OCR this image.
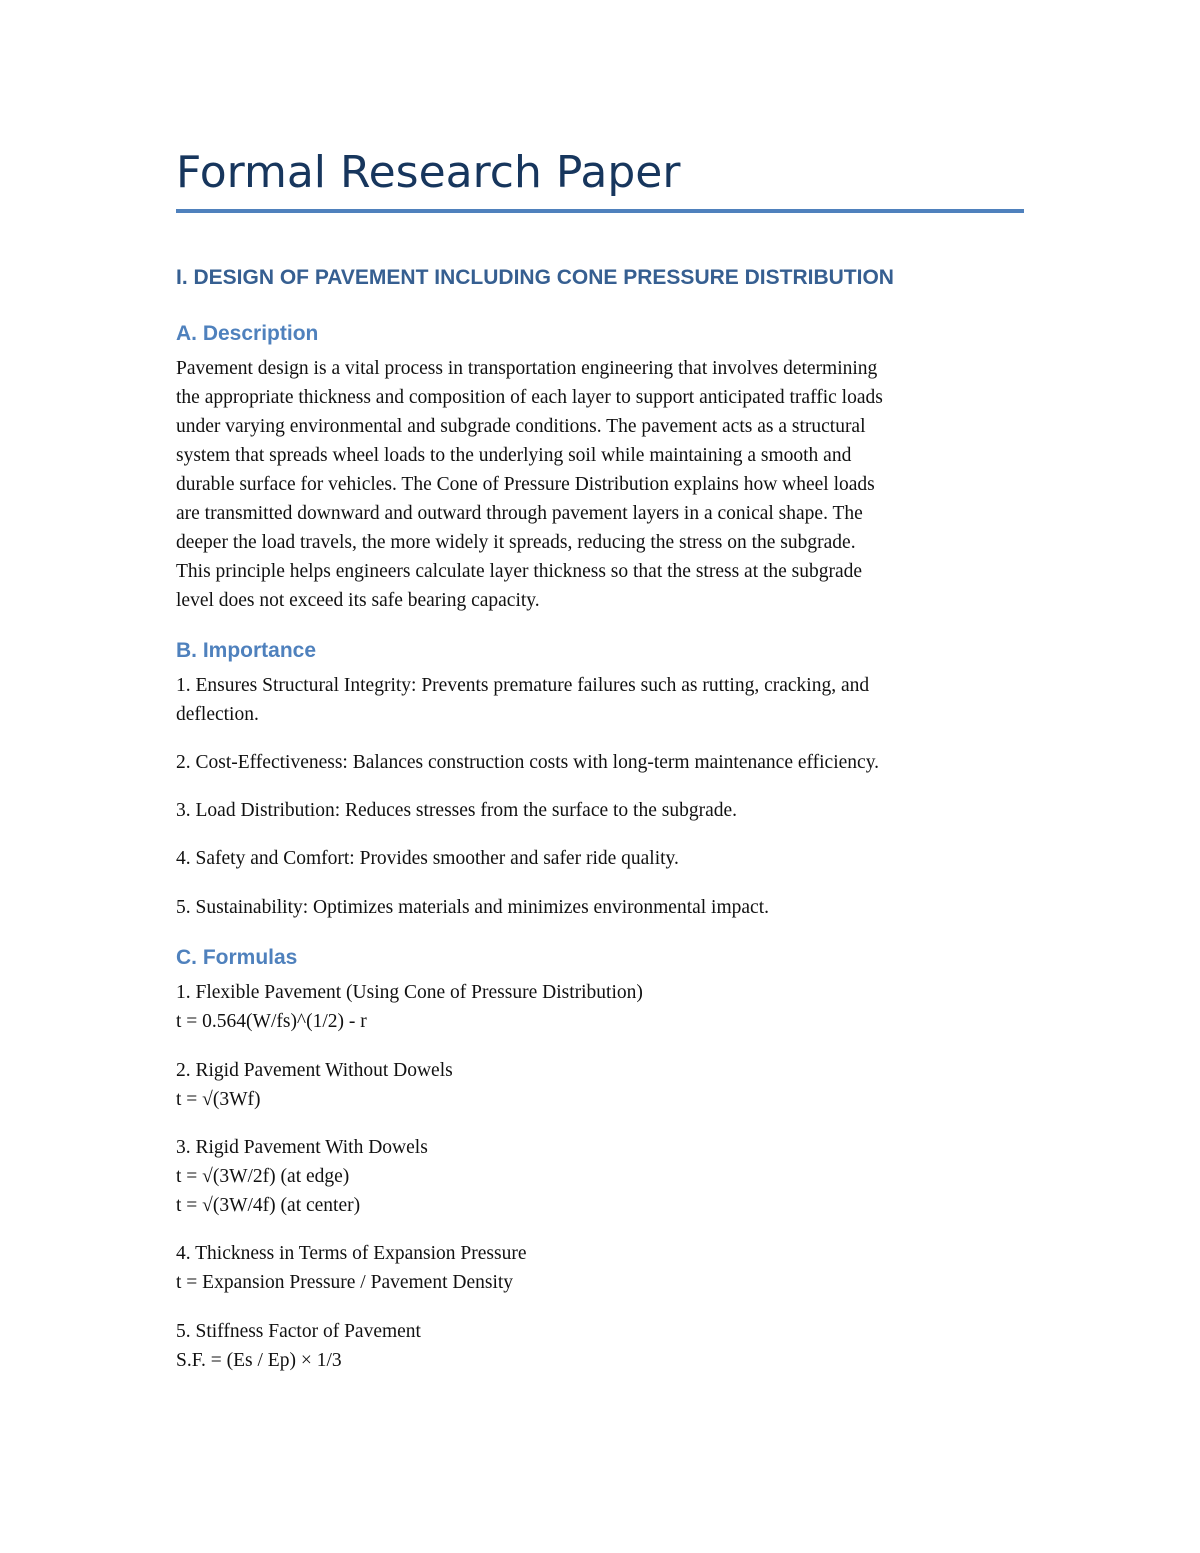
Formal Research Paper
I. DESIGN OF PAVEMENT INCLUDING CONE PRESSURE DISTRIBUTION
A. Description
Pavement design is a vital process in transportation engineering that involves determining
the appropriate thickness and composition of each layer to support anticipated traffic loads
under varying environmental and subgrade conditions. The pavement acts as a structural
system that spreads wheel loads to the underlying soil while maintaining a smooth and
durable surface for vehicles. The Cone of Pressure Distribution explains how wheel loads
are transmitted downward and outward through pavement layers in a conical shape. The
deeper the load travels, the more widely it spreads, reducing the stress on the subgrade.
This principle helps engineers calculate layer thickness so that the stress at the subgrade
level does not exceed its safe bearing capacity.
B. Importance
1. Ensures Structural Integrity: Prevents premature failures such as rutting, cracking, and
deflection.
2. Cost-Effectiveness: Balances construction costs with long-term maintenance efficiency.
3. Load Distribution: Reduces stresses from the surface to the subgrade.
4. Safety and Comfort: Provides smoother and safer ride quality.
5. Sustainability: Optimizes materials and minimizes environmental impact.
C. Formulas
1. Flexible Pavement (Using Cone of Pressure Distribution)
t = 0.564(W/fs)^(1/2) - r
2. Rigid Pavement Without Dowels
t = √(3Wf)
3. Rigid Pavement With Dowels
t = √(3W/2f) (at edge)
t = √(3W/4f) (at center)
4. Thickness in Terms of Expansion Pressure
t = Expansion Pressure / Pavement Density
5. Stiffness Factor of Pavement
S.F. = (Es / Ep) × 1/3
